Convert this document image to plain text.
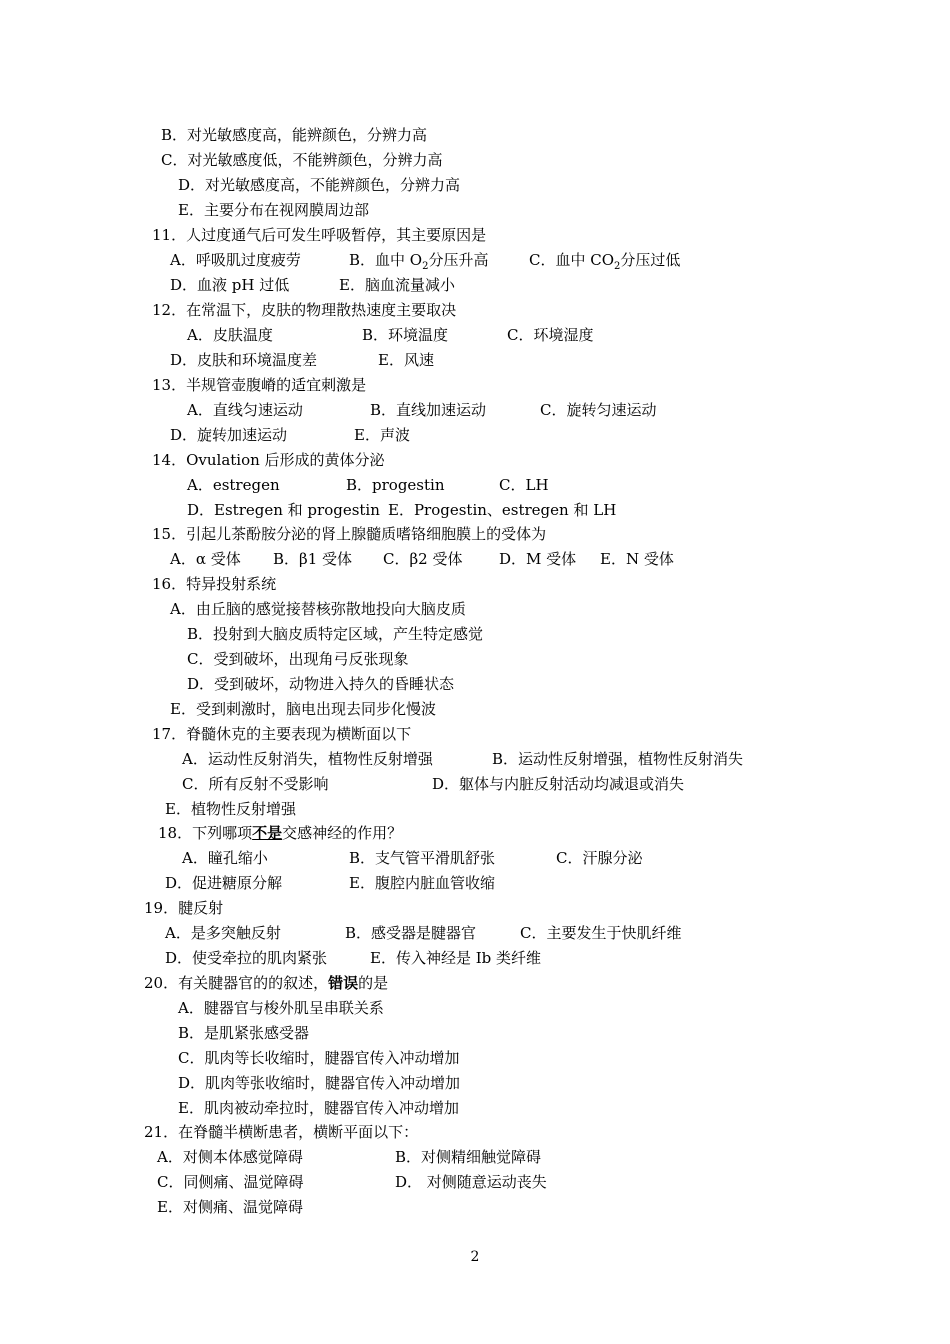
B．对光敏感度高，能辨颜色，分辨力高
C．对光敏感度低，不能辨颜色，分辨力高
D．对光敏感度高，不能辨颜色，分辨力高
E．主要分布在视网膜周边部
11．人过度通气后可发生呼吸暂停，其主要原因是
A．呼吸肌过度疲劳	B．血中 $O_2$分压升高	C．血中 $CO_2$分压过低
D．血液 pH 过低	E．脑血流量减小
12．在常温下，皮肤的物理散热速度主要取决
A．皮肤温度	B．环境温度	C．环境湿度
D．皮肤和环境温度差	E．风速
13．半规管壶腹嵴的适宜刺激是
A．直线匀速运动	B．直线加速运动	C．旋转匀速运动
D．旋转加速运动	E．声波
14．Ovulation 后形成的黄体分泌
A．estregen	B．progestin	C．LH
D．Estregen 和 progestin E．Progestin、estregen 和 LH
15．引起儿茶酚胺分泌的肾上腺髓质嗜铬细胞膜上的受体为
A．α 受体 B．β1 受体 C．β2 受体 D．M 受体 E．N 受体
16．特异投射系统
A．由丘脑的感觉接替核弥散地投向大脑皮质
B．投射到大脑皮质特定区域，产生特定感觉
C．受到破坏，出现角弓反张现象
D．受到破坏，动物进入持久的昏睡状态
E．受到刺激时，脑电出现去同步化慢波
17．脊髓休克的主要表现为横断面以下
A．运动性反射消失，植物性反射增强	B．运动性反射增强，植物性反射消失
C．所有反射不受影响	D．躯体与内脏反射活动均减退或消失
E．植物性反射增强
18．下列哪项不是交感神经的作用？
A．瞳孔缩小	B．支气管平滑肌舒张	C．汗腺分泌
D．促进糖原分解	E．腹腔内脏血管收缩
19．腱反射
A．是多突触反射	B．感受器是腱器官	C．主要发生于快肌纤维
D．使受牵拉的肌肉紧张	E．传入神经是 Ib 类纤维
20．有关腱器官的的叙述，错误的是
A．腱器官与梭外肌呈串联关系
B．是肌紧张感受器
C．肌肉等长收缩时，腱器官传入冲动增加
D．肌肉等张收缩时，腱器官传入冲动增加
E．肌肉被动牵拉时，腱器官传入冲动增加
21．在脊髓半横断患者，横断平面以下：
A．对侧本体感觉障碍	B．对侧精细触觉障碍
C．同侧痛、温觉障碍	D． 对侧随意运动丧失
E．对侧痛、温觉障碍
2
